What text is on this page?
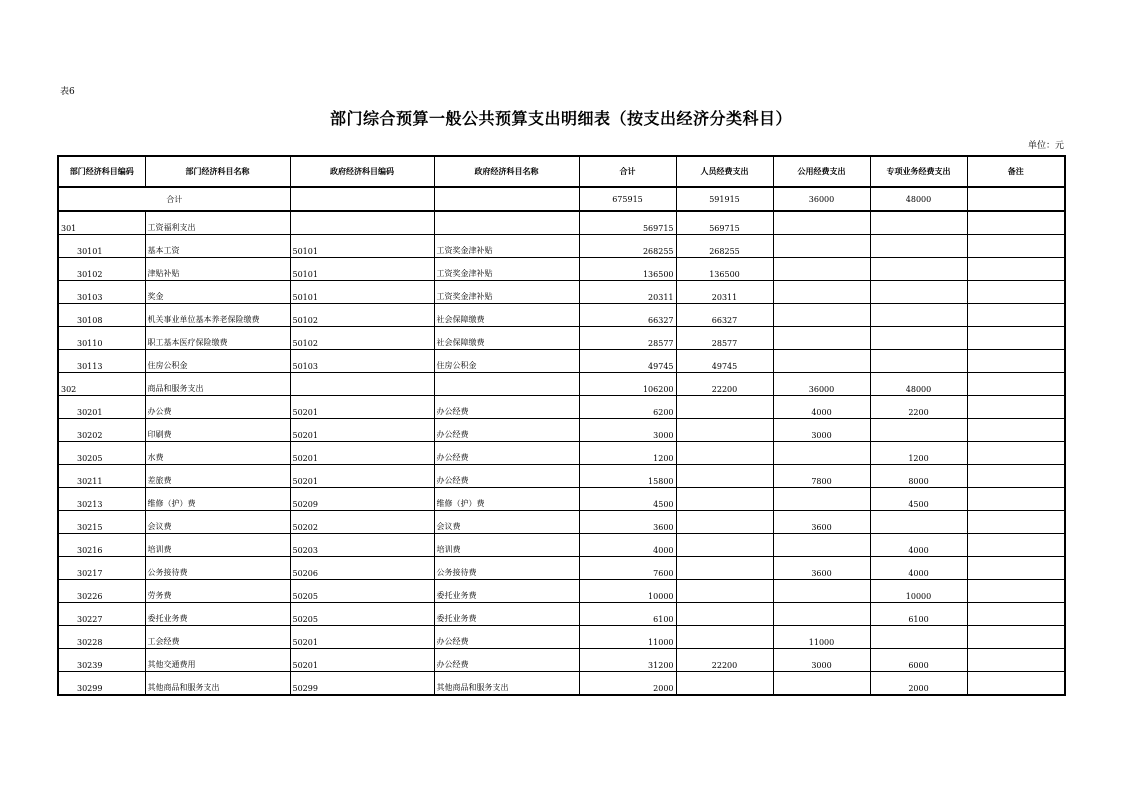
表6
部门综合预算一般公共预算支出明细表（按支出经济分类科目）
单位：元
部门经济科目编码	部门经济科目名称	政府经济科目编码	政府经济科目名称	合计	人员经费支出	公用经费支出	专项业务经费支出	备注
合计				675915	591915	36000	48000	
301	工资福利支出			569715	569715			
30101	基本工资	50101	工资奖金津补贴	268255	268255			
30102	津贴补贴	50101	工资奖金津补贴	136500	136500			
30103	奖金	50101	工资奖金津补贴	20311	20311			
30108	机关事业单位基本养老保险缴费	50102	社会保障缴费	66327	66327			
30110	职工基本医疗保险缴费	50102	社会保障缴费	28577	28577			
30113	住房公积金	50103	住房公积金	49745	49745			
302	商品和服务支出			106200	22200	36000	48000	
30201	办公费	50201	办公经费	6200		4000	2200	
30202	印刷费	50201	办公经费	3000		3000		
30205	水费	50201	办公经费	1200			1200	
30211	差旅费	50201	办公经费	15800		7800	8000	
30213	维修（护）费	50209	维修（护）费	4500			4500	
30215	会议费	50202	会议费	3600		3600		
30216	培训费	50203	培训费	4000			4000	
30217	公务接待费	50206	公务接待费	7600		3600	4000	
30226	劳务费	50205	委托业务费	10000			10000	
30227	委托业务费	50205	委托业务费	6100			6100	
30228	工会经费	50201	办公经费	11000		11000		
30239	其他交通费用	50201	办公经费	31200	22200	3000	6000	
30299	其他商品和服务支出	50299	其他商品和服务支出	2000			2000	
